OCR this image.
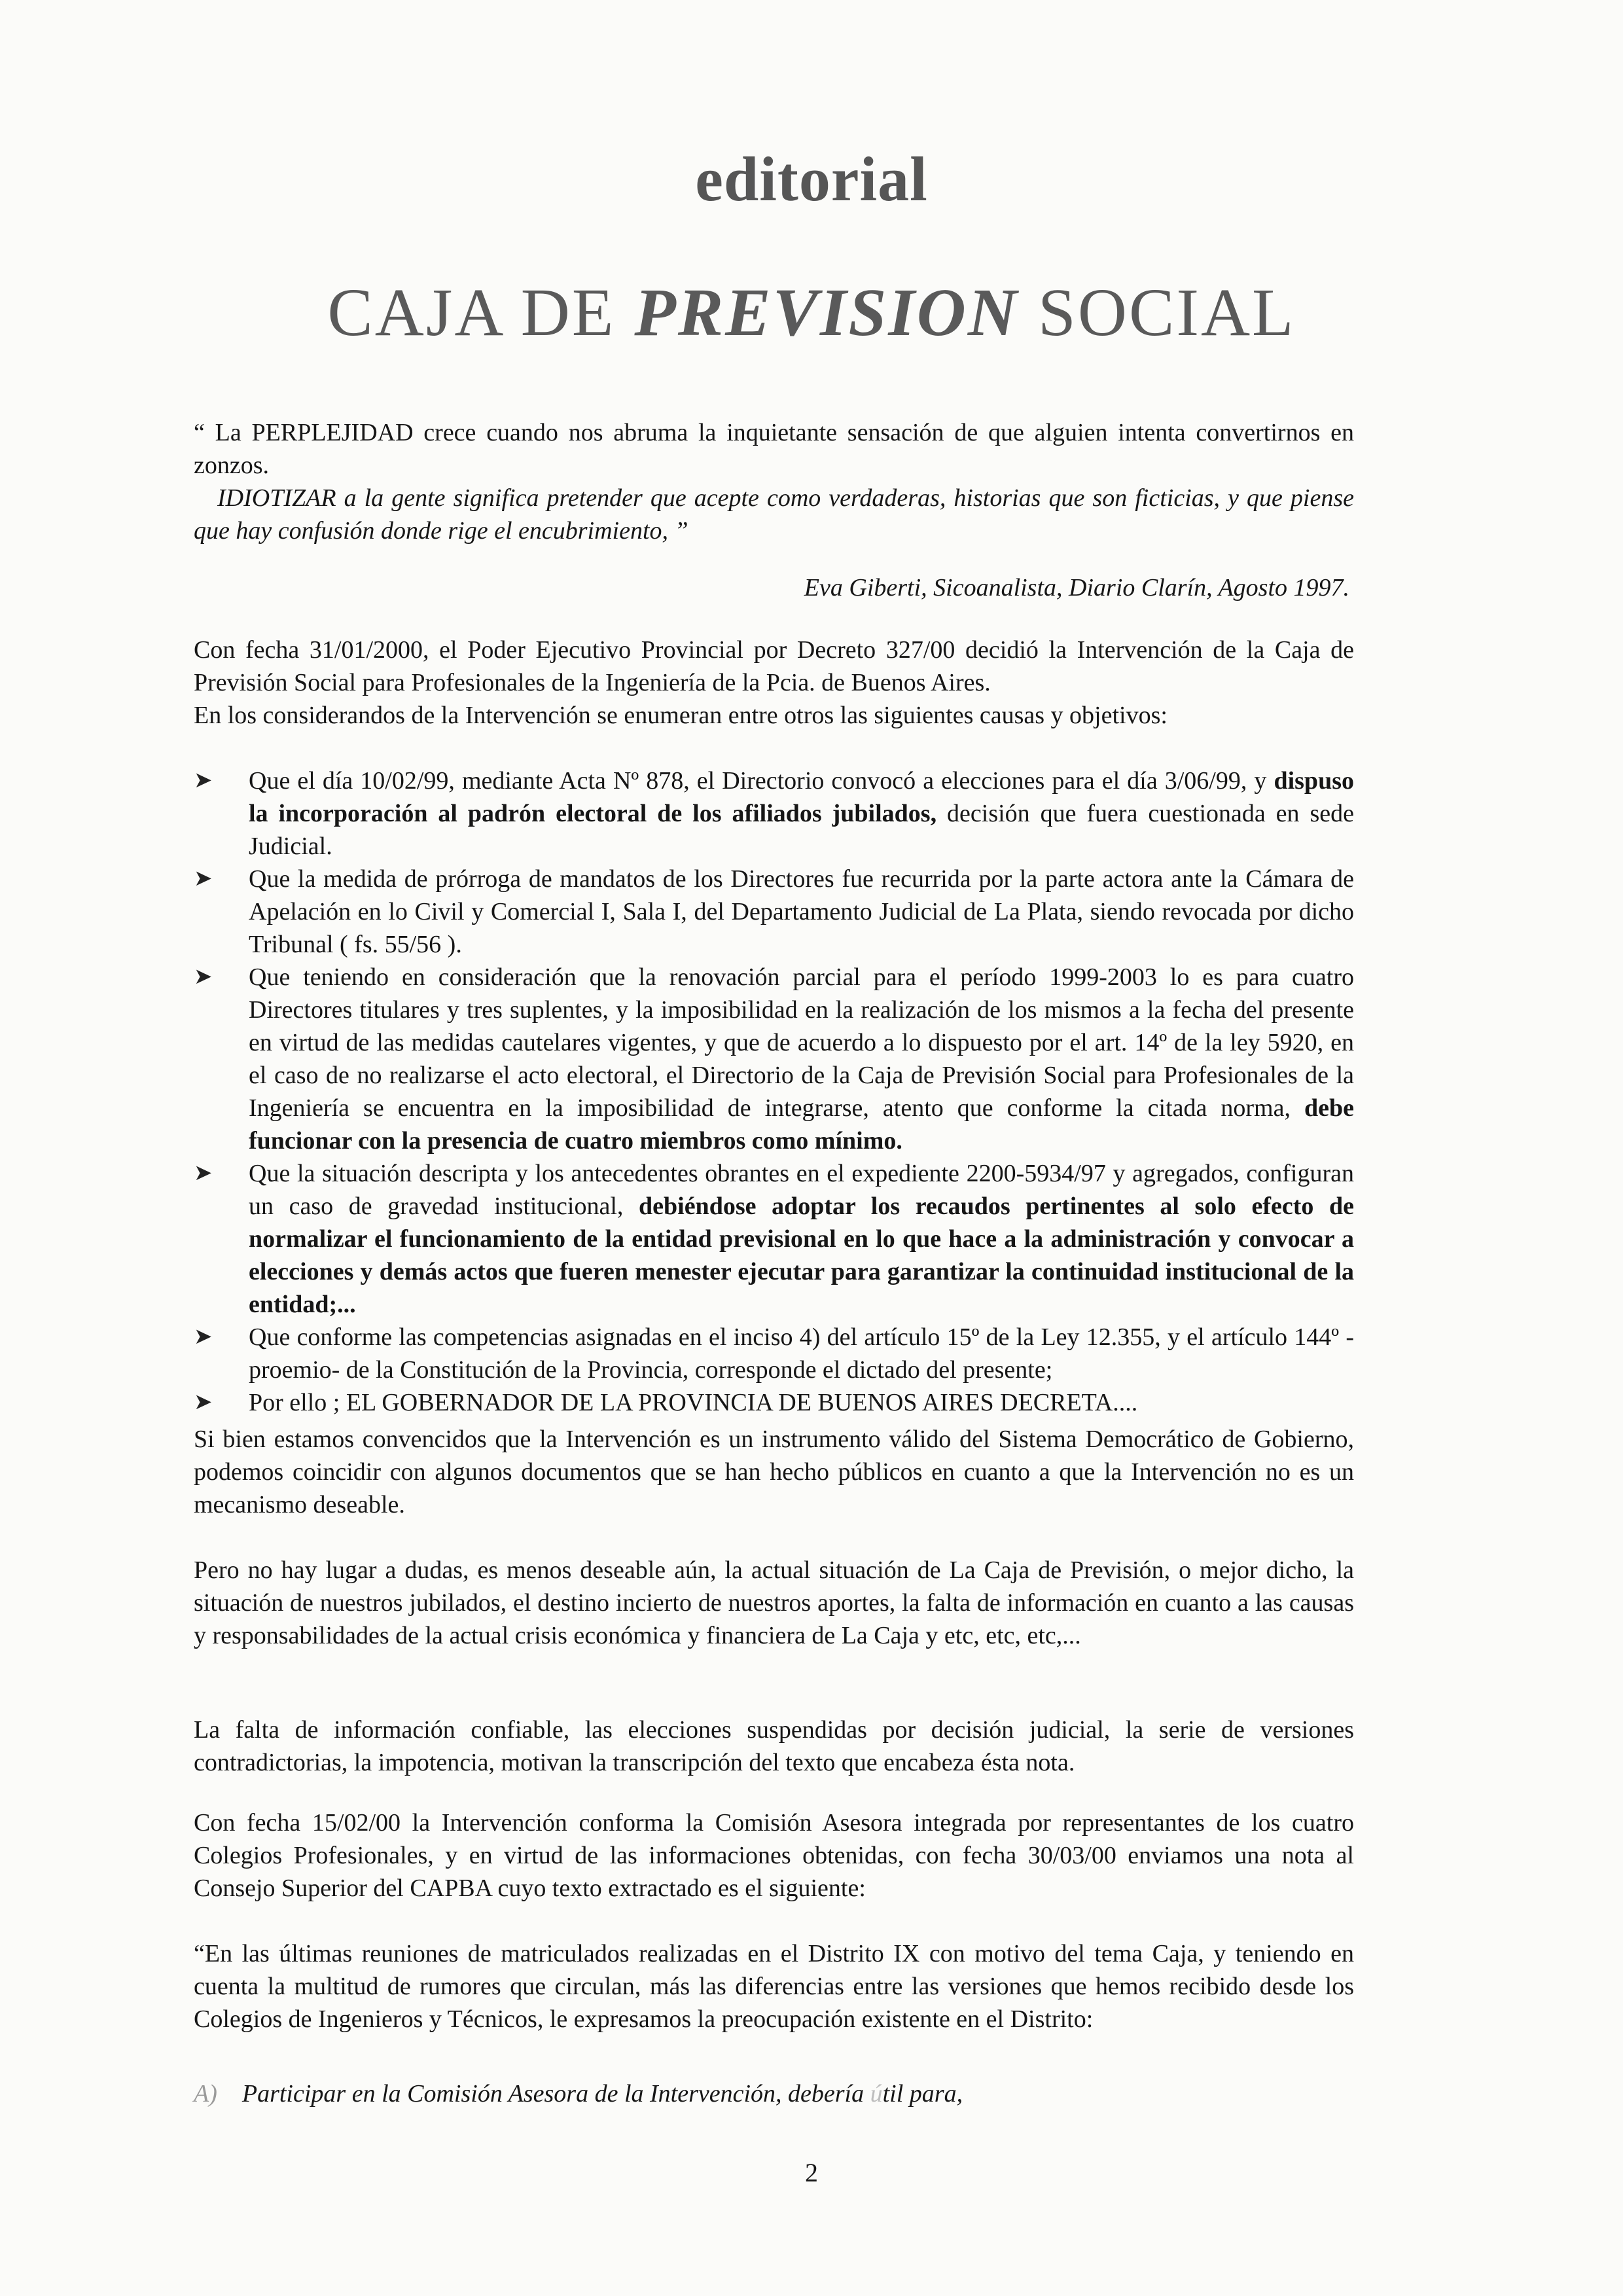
editorial
CAJA DE PREVISION SOCIAL

“ La PERPLEJIDAD crece cuando nos abruma la inquietante sensación de que alguien intenta convertirnos en zonzos.

IDIOTIZAR a la gente significa pretender que acepte como verdaderas, historias que son ficticias, y que piense que hay confusión donde rige el encubrimiento, ”

Eva Giberti, Sicoanalista, Diario Clarín, Agosto 1997.

Con fecha 31/01/2000, el Poder Ejecutivo Provincial por Decreto 327/00 decidió la Intervención de la Caja de Previsión Social para Profesionales de la Ingeniería de la Pcia. de Buenos Aires.

En los considerandos de la Intervención se enumeran entre otros las siguientes causas y objetivos:

➤	Que el día 10/02/99, mediante Acta Nº 878, el Directorio convocó a elecciones para el día 3/06/99, y dispuso la incorporación al padrón electoral de los afiliados jubilados, decisión que fuera cuestionada en sede Judicial.
➤	Que la medida de prórroga de mandatos de los Directores fue recurrida por la parte actora ante la Cámara de Apelación en lo Civil y Comercial I, Sala I, del Departamento Judicial de La Plata, siendo revocada por dicho Tribunal ( fs. 55/56 ).
➤	Que teniendo en consideración que la renovación parcial para el período 1999-2003 lo es para cuatro Directores titulares y tres suplentes, y la imposibilidad en la realización de los mismos a la fecha del presente en virtud de las medidas cautelares vigentes, y que de acuerdo a lo dispuesto por el art. 14º de la ley 5920, en el caso de no realizarse el acto electoral, el Directorio de la Caja de Previsión Social para Profesionales de la Ingeniería se encuentra en la imposibilidad de integrarse, atento que conforme la citada norma, debe funcionar con la presencia de cuatro miembros como mínimo.
➤	Que la situación descripta y los antecedentes obrantes en el expediente 2200-5934/97 y agregados, configuran un caso de gravedad institucional, debiéndose adoptar los recaudos pertinentes al solo efecto de normalizar el funcionamiento de la entidad previsional en lo que hace a la administración y convocar a elecciones y demás actos que fueren menester ejecutar para garantizar la continuidad institucional de la entidad;...
➤	Que conforme las competencias asignadas en el inciso 4) del artículo 15º de la Ley 12.355, y el artículo 144º -proemio- de la Constitución de la Provincia, corresponde el dictado del presente;
➤	Por ello ; EL GOBERNADOR DE LA PROVINCIA DE BUENOS AIRES DECRETA....

Si bien estamos convencidos que la Intervención es un instrumento válido del Sistema Democrático de Gobierno, podemos coincidir con algunos documentos que se han hecho públicos en cuanto a que la Intervención no es un mecanismo deseable.

Pero no hay lugar a dudas, es menos deseable aún, la actual situación de La Caja de Previsión, o mejor dicho, la situación de nuestros jubilados, el destino incierto de nuestros aportes, la falta de información en cuanto a las causas y responsabilidades de la actual crisis económica y financiera de La Caja y etc, etc, etc,...

La falta de información confiable, las elecciones suspendidas por decisión judicial, la serie de versiones contradictorias, la impotencia, motivan la transcripción del texto que encabeza ésta nota.

Con fecha 15/02/00 la Intervención conforma la Comisión Asesora integrada por representantes de los cuatro Colegios Profesionales, y en virtud de las informaciones obtenidas, con fecha 30/03/00 enviamos una nota al Consejo Superior del CAPBA cuyo texto extractado es el siguiente:

“En las últimas reuniones de matriculados realizadas en el Distrito IX con motivo del tema Caja, y teniendo en cuenta la multitud de rumores que circulan, más las diferencias entre las versiones que hemos recibido desde los Colegios de Ingenieros y Técnicos, le expresamos la preocupación existente en el Distrito:

A) Participar en la Comisión Asesora de la Intervención, debería útil para,
2
